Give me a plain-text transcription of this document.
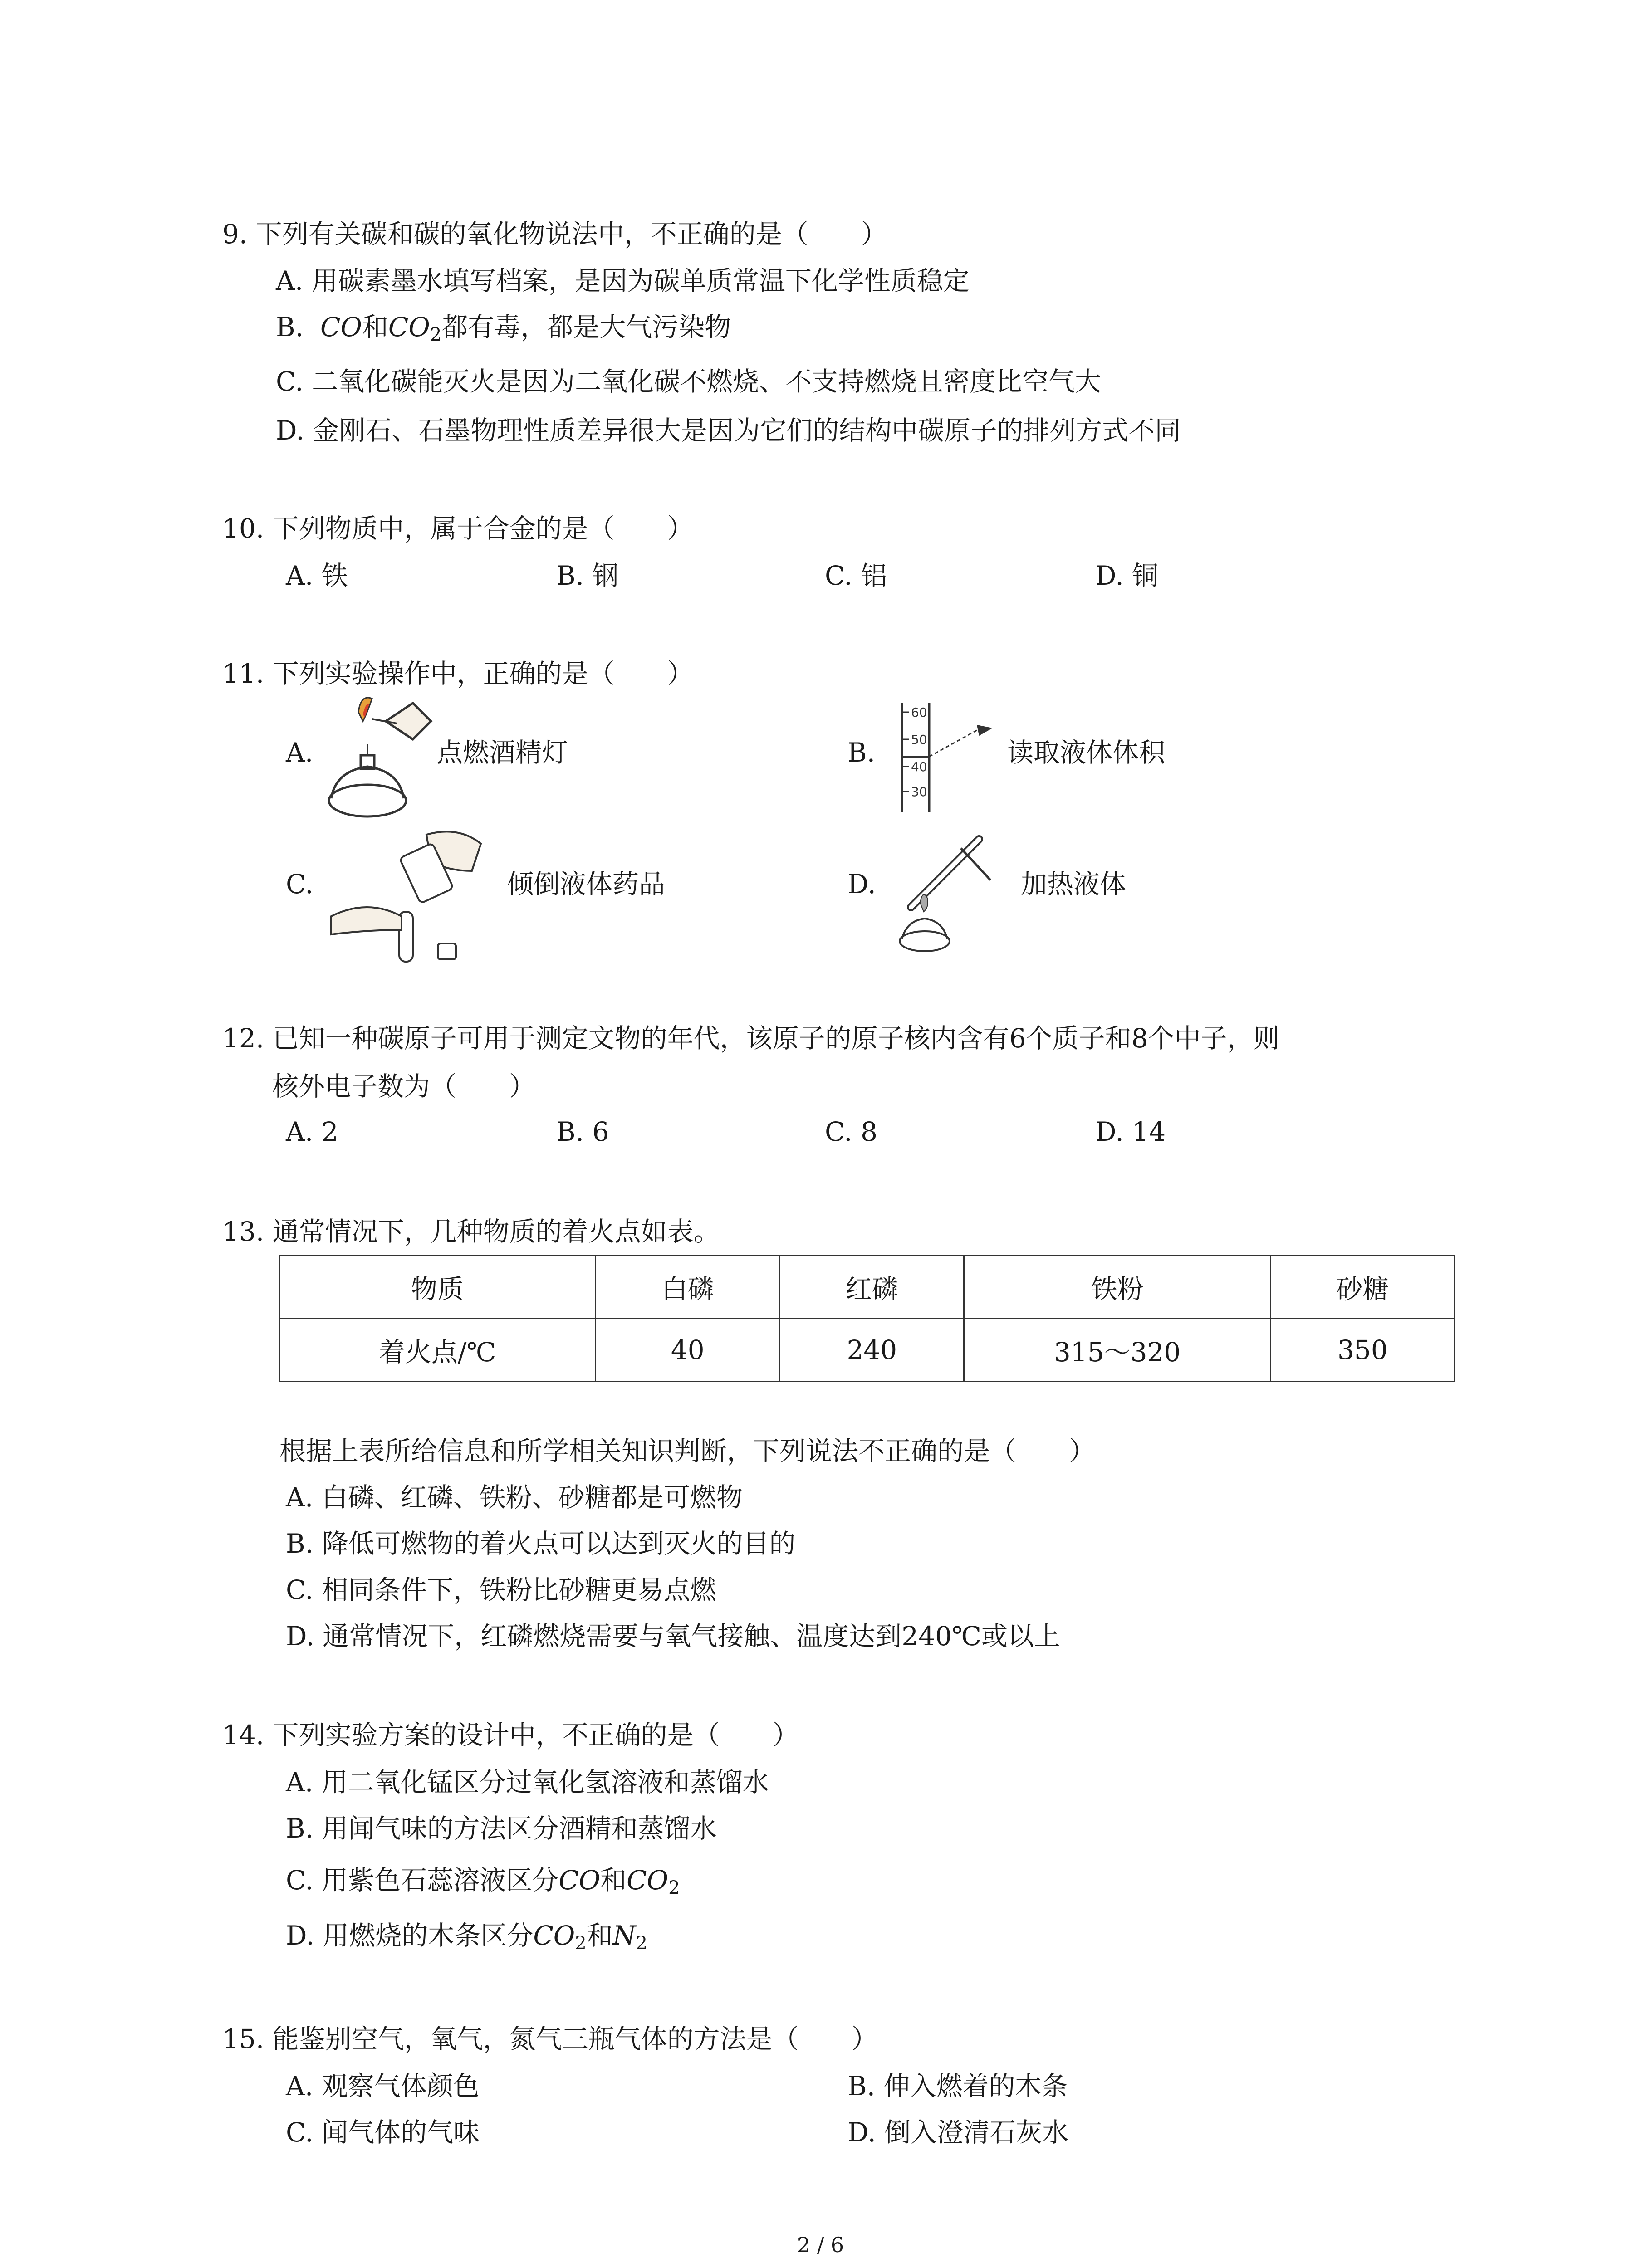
9. 下列有关碳和碳的氧化物说法中，不正确的是（　　）
A. 用碳素墨水填写档案，是因为碳单质常温下化学性质稳定
B. CO和$CO_2$都有毒，都是大气污染物
C. 二氧化碳能灭火是因为二氧化碳不燃烧、不支持燃烧且密度比空气大
D. 金刚石、石墨物理性质差异很大是因为它们的结构中碳原子的排列方式不同
10. 下列物质中，属于合金的是（　　）
A. 铁	B. 钢	C. 铝	D. 铜
11. 下列实验操作中，正确的是（　　）
A.	点燃酒精灯	B.
60
50
40
30
读取液体体积
C.	倾倒液体药品	D.	加热液体
12. 已知一种碳原子可用于测定文物的年代，该原子的原子核内含有6个质子和8个中子，则
核外电子数为（　　）
A. 2	B. 6	C. 8	D. 14
13. 通常情况下，几种物质的着火点如表。
物质	白磷	红磷	铁粉	砂糖
着火点/℃	40	240	315～320	350
根据上表所给信息和所学相关知识判断，下列说法不正确的是（　　）
A. 白磷、红磷、铁粉、砂糖都是可燃物
B. 降低可燃物的着火点可以达到灭火的目的
C. 相同条件下，铁粉比砂糖更易点燃
D. 通常情况下，红磷燃烧需要与氧气接触、温度达到240℃或以上
14. 下列实验方案的设计中，不正确的是（　　）
A. 用二氧化锰区分过氧化氢溶液和蒸馏水
B. 用闻气味的方法区分酒精和蒸馏水
C. 用紫色石蕊溶液区分CO和$CO_2$
D. 用燃烧的木条区分$CO_2$和$N_2$
15. 能鉴别空气，氧气，氮气三瓶气体的方法是（　　）
A. 观察气体颜色	B. 伸入燃着的木条
C. 闻气体的气味	D. 倒入澄清石灰水
2 / 6
